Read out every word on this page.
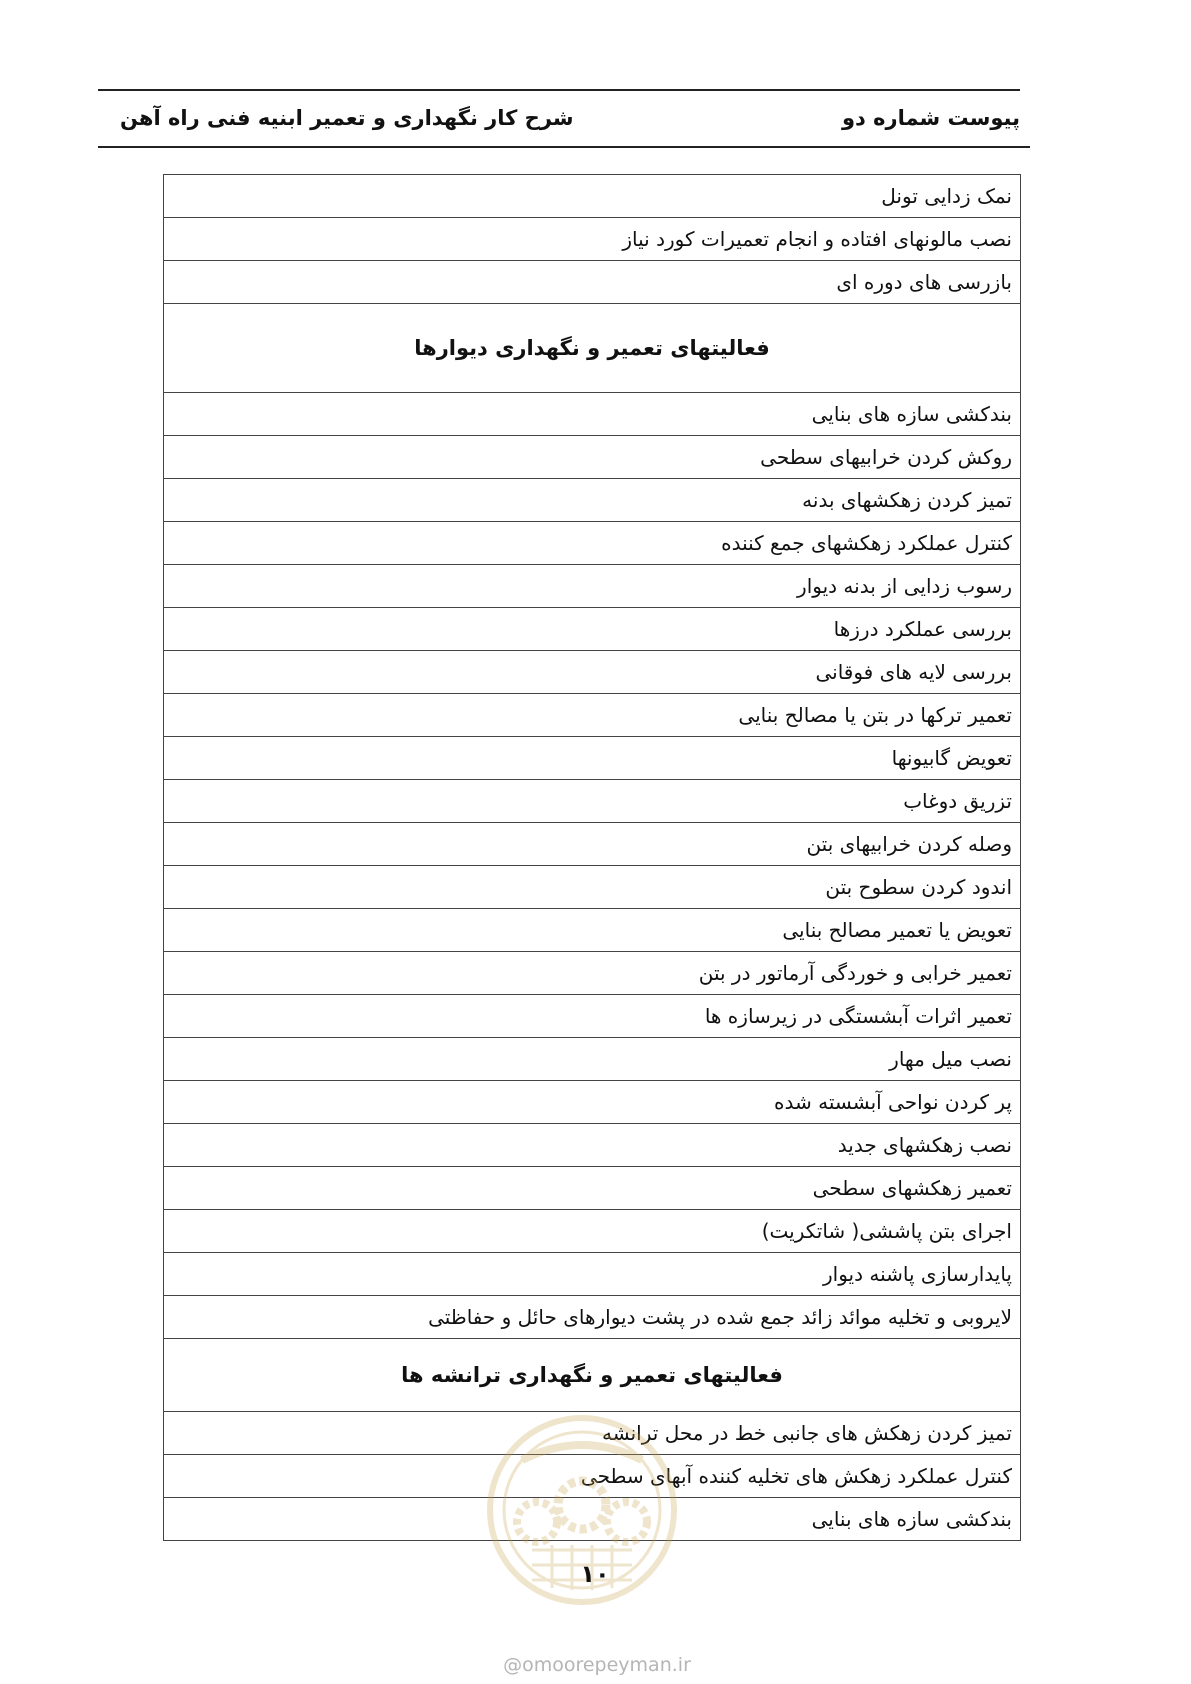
پیوست شماره دو
شرح کار نگهداری و تعمیر ابنیه فنی راه آهن
نمک زدایی تونل
نصب مالونهای افتاده و انجام تعمیرات کورد نیاز
بازرسی های دوره ای
فعالیتهای تعمیر و نگهداری دیوارها
بندکشی سازه های بنایی
روکش کردن خرابیهای سطحی
تمیز کردن زهکشهای بدنه
کنترل عملکرد زهکشهای جمع کننده
رسوب زدایی از بدنه دیوار
بررسی عملکرد درزها
بررسی لایه های فوقانی
تعمیر ترکها در بتن یا مصالح بنایی
تعویض گابیونها
تزریق دوغاب
وصله کردن خرابیهای بتن
اندود کردن سطوح بتن
تعویض یا تعمیر مصالح بنایی
تعمیر خرابی و خوردگی آرماتور در بتن
تعمیر اثرات آبشستگی در زیرسازه ها
نصب میل مهار
پر کردن نواحی آبشسته شده
نصب زهکشهای جدید
تعمیر زهکشهای سطحی
اجرای بتن پاششی( شاتکریت)
پایدارسازی پاشنه دیوار
لایروبی و تخلیه موائد زائد جمع شده در پشت دیوارهای حائل و حفاظتی
فعالیتهای تعمیر و نگهداری ترانشه ها
تمیز کردن زهکش های جانبی خط در محل ترانشه
کنترل عملکرد زهکش های تخلیه کننده آبهای سطحی
بندکشی سازه های بنایی
۱۰
@omoorepeyman.ir
